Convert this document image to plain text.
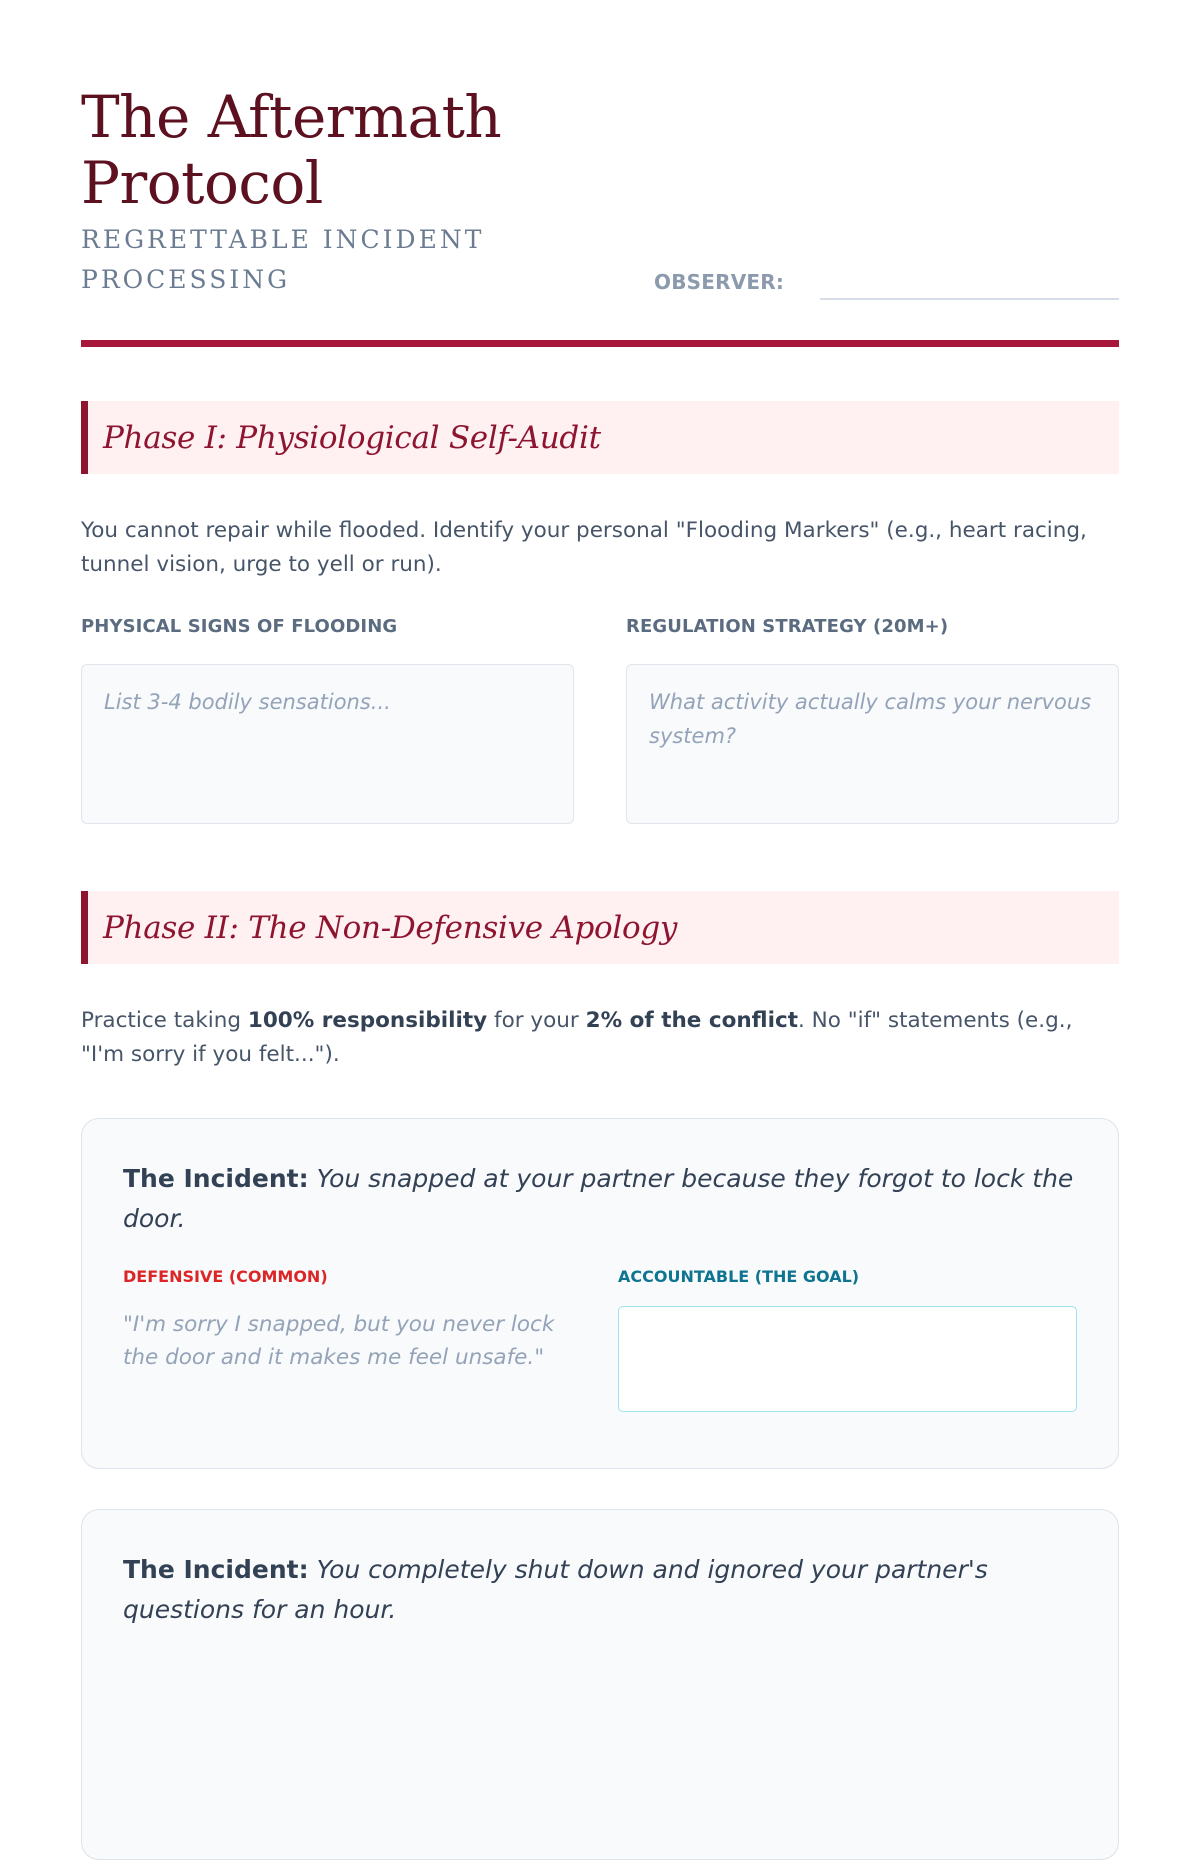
The Aftermath Protocol
REGRETTABLE INCIDENT PROCESSING	OBSERVER:
Phase I: Physiological Self-Audit

You cannot repair while flooded. Identify your personal "Flooding Markers" (e.g., heart racing, tunnel vision, urge to yell or run).

PHYSICAL SIGNS OF FLOODING
List 3-4 bodily sensations...
REGULATION STRATEGY (20M+)
What activity actually calms your nervous system?
Phase II: The Non-Defensive Apology

Practice taking 100% responsibility for your 2% of the conflict. No "if" statements (e.g., "I'm sorry if you felt...").

The Incident: You snapped at your partner because they forgot to lock the door.

DEFENSIVE (COMMON)
"I'm sorry I snapped, but you never lock the door and it makes me feel unsafe."
ACCOUNTABLE (THE GOAL)

The Incident: You completely shut down and ignored your partner's questions for an hour.
